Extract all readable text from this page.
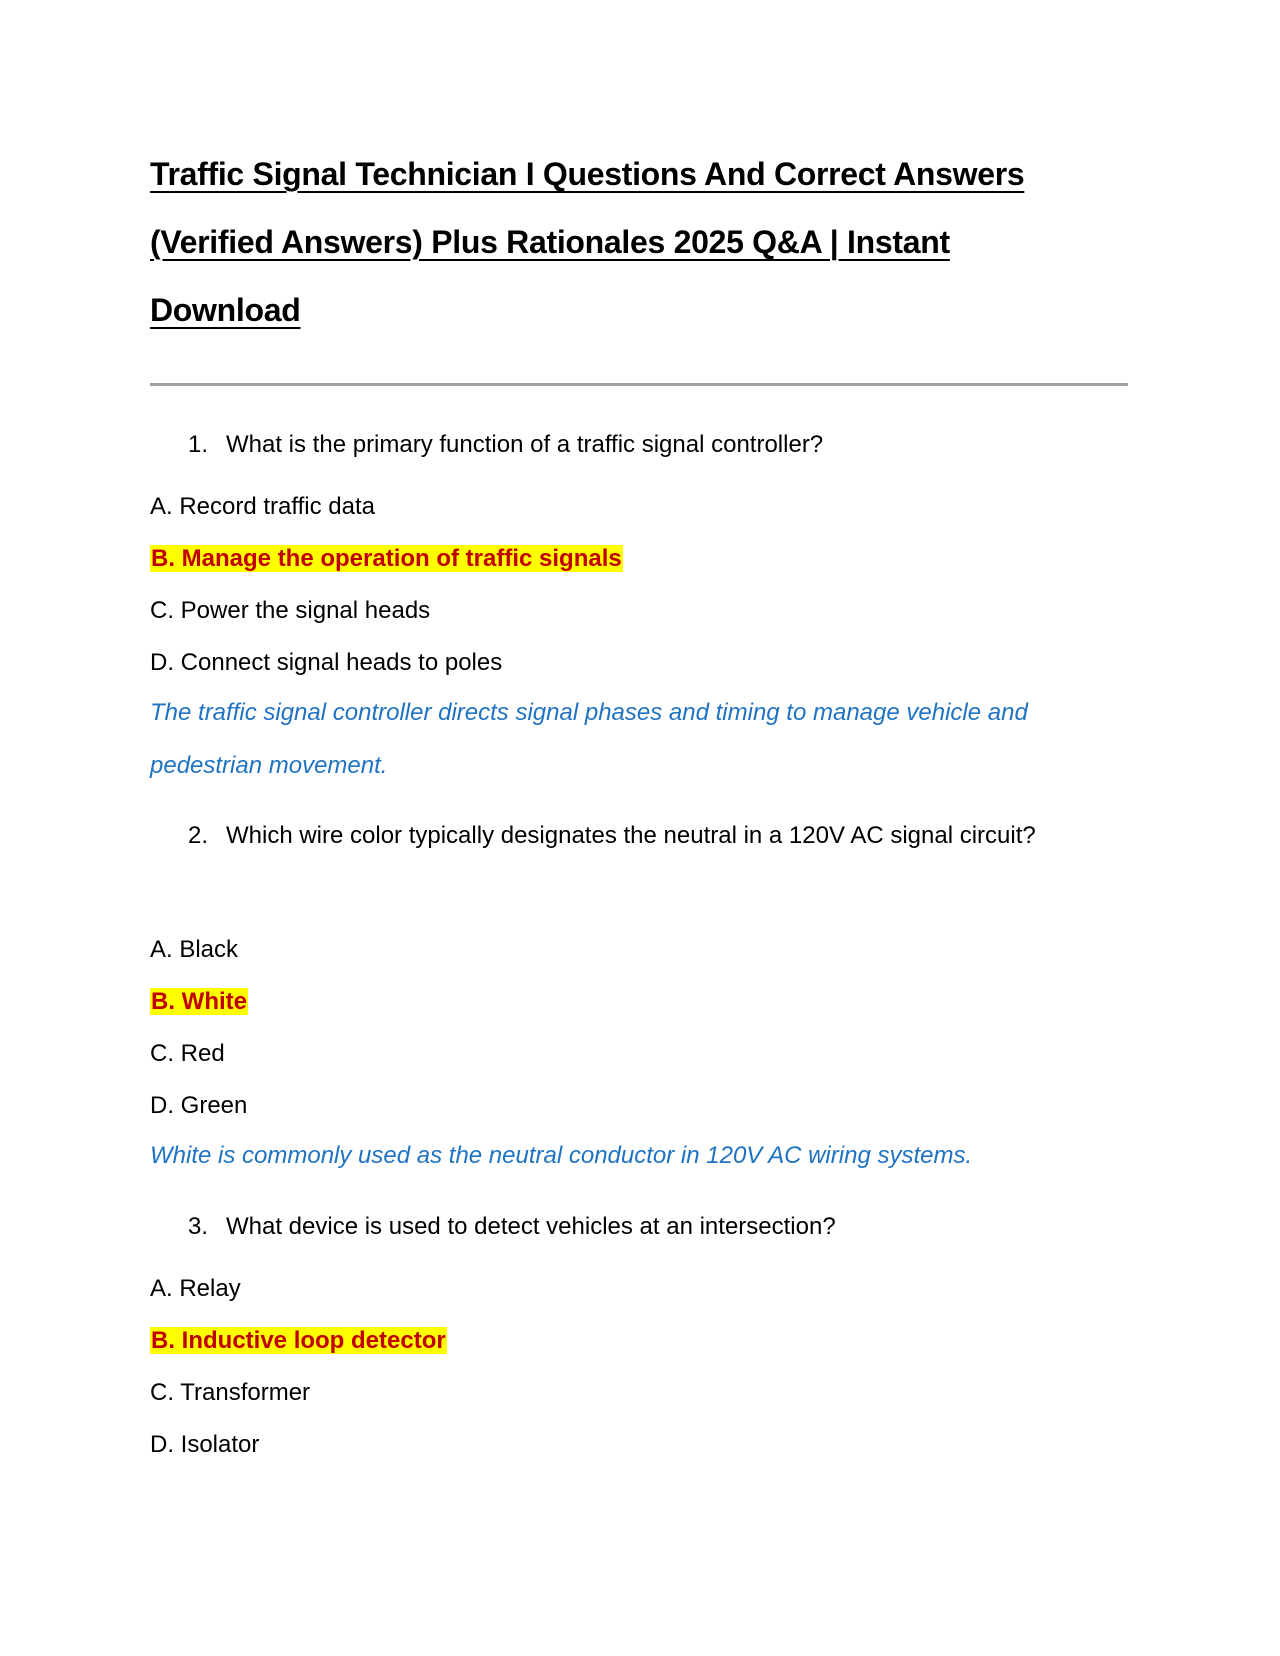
Traffic Signal Technician I Questions And Correct Answers
(Verified Answers) Plus Rationales 2025 Q&A | Instant
Download
1. What is the primary function of a traffic signal controller?
A. Record traffic data
B. Manage the operation of traffic signals
C. Power the signal heads
D. Connect signal heads to poles
The traffic signal controller directs signal phases and timing to manage vehicle and pedestrian movement.
2. Which wire color typically designates the neutral in a 120V AC signal circuit?
A. Black
B. White
C. Red
D. Green
White is commonly used as the neutral conductor in 120V AC wiring systems.
3. What device is used to detect vehicles at an intersection?
A. Relay
B. Inductive loop detector
C. Transformer
D. Isolator
